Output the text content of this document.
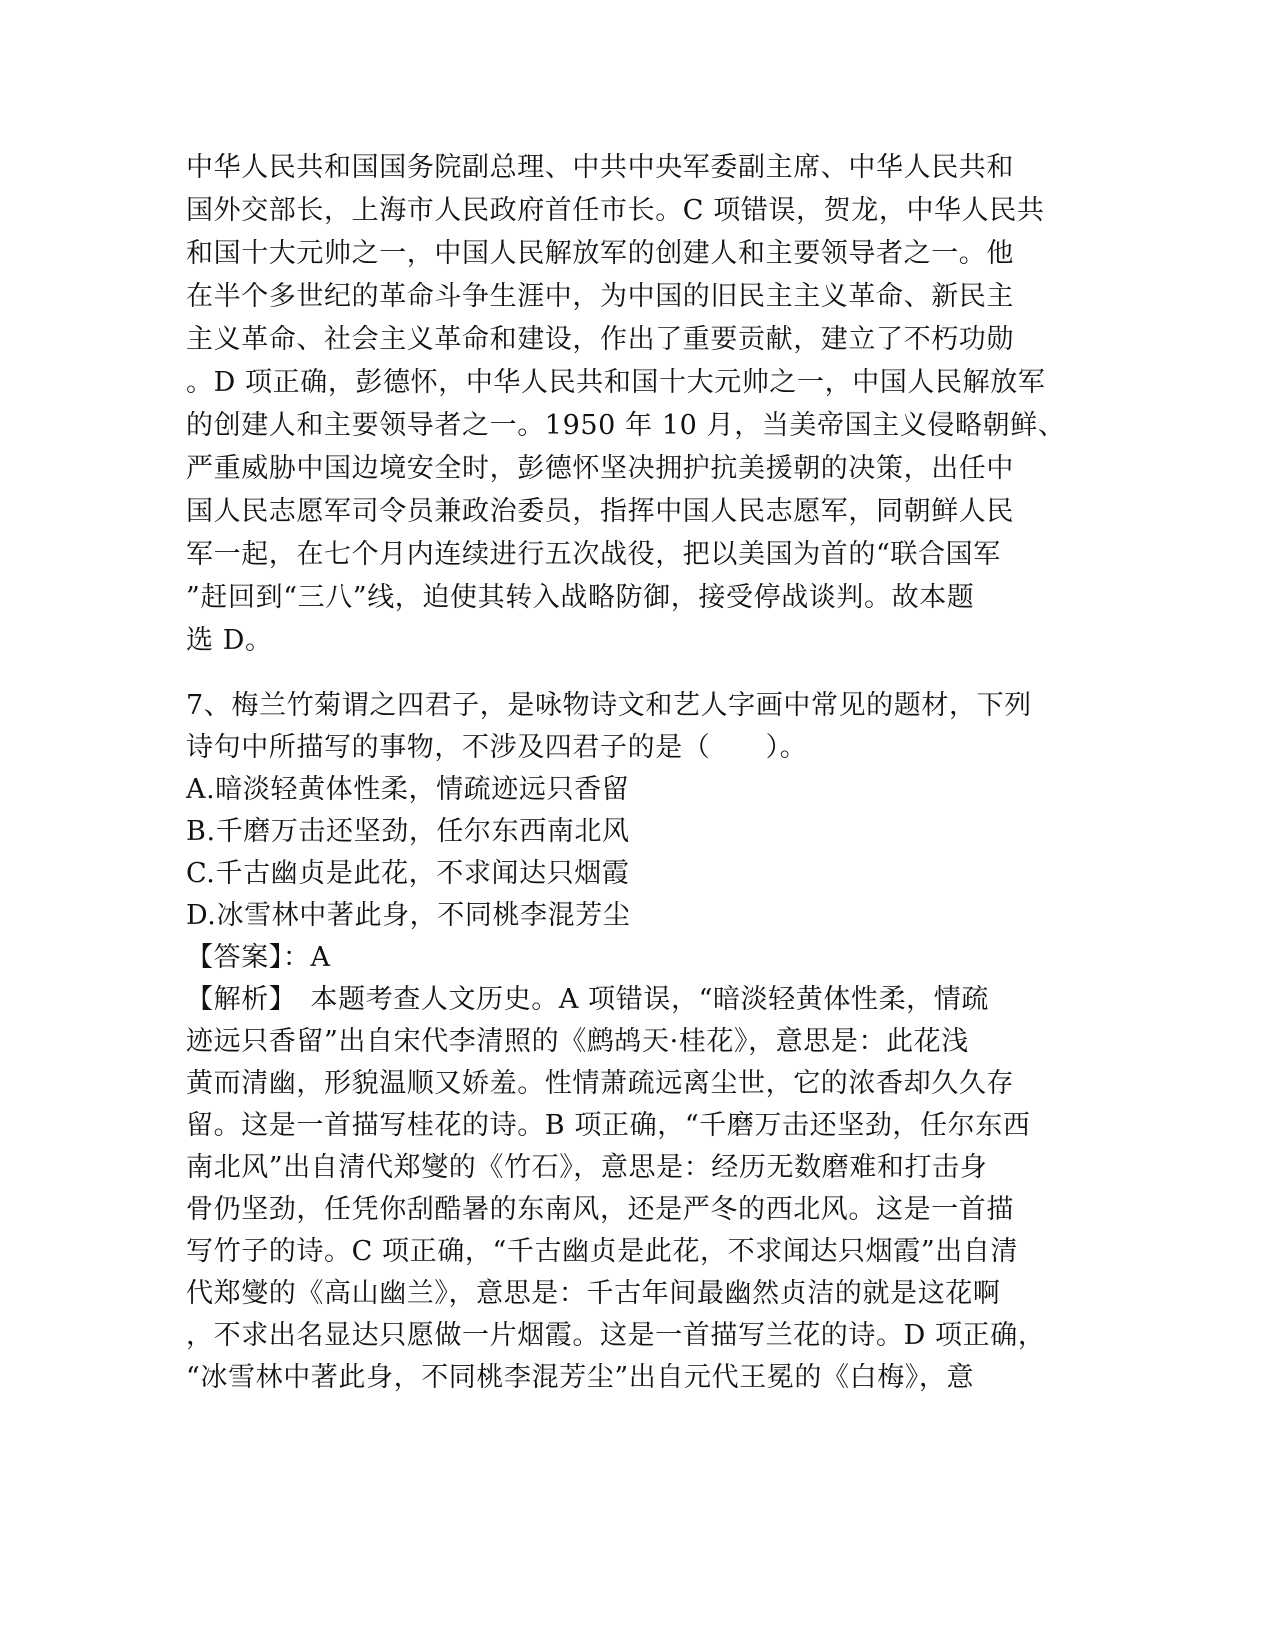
中华人民共和国国务院副总理、中共中央军委副主席、中华人民共和
国外交部长，上海市人民政府首任市长。C 项错误，贺龙，中华人民共
和国十大元帅之一，中国人民解放军的创建人和主要领导者之一。他
在半个多世纪的革命斗争生涯中，为中国的旧民主主义革命、新民主
主义革命、社会主义革命和建设，作出了重要贡献，建立了不朽功勋
。D 项正确，彭德怀，中华人民共和国十大元帅之一，中国人民解放军
的创建人和主要领导者之一。1950 年 10 月，当美帝国主义侵略朝鲜、
严重威胁中国边境安全时，彭德怀坚决拥护抗美援朝的决策，出任中
国人民志愿军司令员兼政治委员，指挥中国人民志愿军，同朝鲜人民
军一起，在七个月内连续进行五次战役，把以美国为首的“联合国军
”赶回到“三八”线，迫使其转入战略防御，接受停战谈判。故本题
选 D。
7、梅兰竹菊谓之四君子，是咏物诗文和艺人字画中常见的题材，下列
诗句中所描写的事物，不涉及四君子的是（　　）。
A.暗淡轻黄体性柔，情疏迹远只香留
B.千磨万击还坚劲，任尔东西南北风
C.千古幽贞是此花，不求闻达只烟霞
D.冰雪林中著此身，不同桃李混芳尘
【答案】：A
【解析】　本题考查人文历史。A 项错误，“暗淡轻黄体性柔，情疏
迹远只香留”出自宋代李清照的《鹧鸪天·桂花》，意思是：此花浅
黄而清幽，形貌温顺又娇羞。性情萧疏远离尘世，它的浓香却久久存
留。这是一首描写桂花的诗。B 项正确，“千磨万击还坚劲，任尔东西
南北风”出自清代郑燮的《竹石》，意思是：经历无数磨难和打击身
骨仍坚劲，任凭你刮酷暑的东南风，还是严冬的西北风。这是一首描
写竹子的诗。C 项正确，“千古幽贞是此花，不求闻达只烟霞”出自清
代郑燮的《高山幽兰》，意思是：千古年间最幽然贞洁的就是这花啊
，不求出名显达只愿做一片烟霞。这是一首描写兰花的诗。D 项正确，
“冰雪林中著此身，不同桃李混芳尘”出自元代王冕的《白梅》，意
